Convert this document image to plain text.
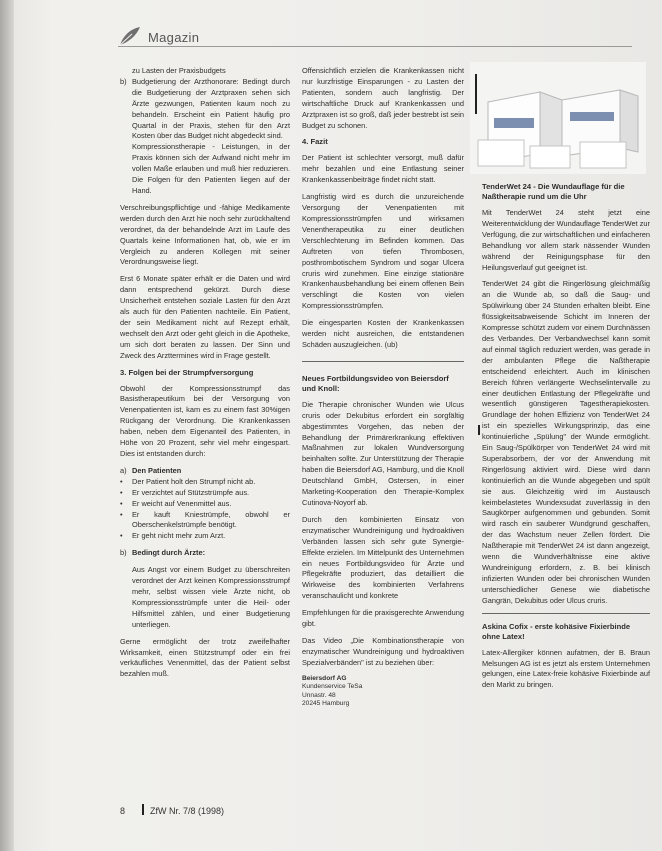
Magazin
zu Lasten der Praxisbudgets
b) Budgetierung der Arzthonorare: Bedingt durch die Budgetierung der Arztpraxen sehen sich Ärzte gezwungen, Patienten kaum noch zu behandeln. Erscheint ein Patient häufig pro Quartal in der Praxis, stehen für den Arzt Kosten über das Budget nicht abgedeckt sind.
Kompressionstherapie - Leistungen, in der Praxis können sich der Aufwand nicht mehr im vollen Maße erlauben und muß hier reduzieren. Die Folgen für den Patienten liegen auf der Hand.

Verschreibungspflichtige und -fähige Medikamente werden durch den Arzt hie noch sehr zurückhaltend verordnet, da der behandelnde Arzt im Laufe des Quartals keine Informationen hat, ob, wie er im Vergleich zu anderen Kollegen mit seiner Verordnungsweise liegt.

Erst 6 Monate später erhält er die Daten und wird dann entsprechend gekürzt. Durch diese Unsicherheit entstehen soziale Lasten für den Arzt als auch für den Patienten nachteile. Ein Patient, der sein Medikament nicht auf Rezept erhält, wechselt den Arzt oder geht gleich in die Apotheke, um sich dort beraten zu lassen. Der Sinn und Zweck des Arzttermines wird in Frage gestellt.

3. Folgen bei der Strumpfversorgung

Obwohl der Kompressionsstrumpf das Basistherapeutikum bei der Versorgung von Venenpatienten ist, kam es zu einem fast 30%igen Rückgang der Verordnung. Die Krankenkassen haben, neben dem Eigenanteil des Patienten, in Höhe von 20 Prozent, sehr viel mehr eingespart. Dies ist entstanden durch:

a) Den Patienten
•	Der Patient holt den Strumpf nicht ab.
•	Er verzichtet auf Stützstrümpfe aus.
•	Er weicht auf Venenmittel aus.
•	Er kauft Kniestrümpfe, obwohl er Oberschenkelstrümpfe benötigt.
•	Er geht nicht mehr zum Arzt.
b) Bedingt durch Ärzte:

Aus Angst vor einem Budget zu überschreiten verordnet der Arzt keinen Kompressionsstrumpf mehr, selbst wissen viele Ärzte nicht, ob Kompressionsstrümpfe unter die Heil- oder Hilfsmittel zählen, und einer Budgetierung unterliegen.

Gerne ermöglicht der trotz zweifelhafter Wirksamkeit, einen Stützstrumpf oder ein frei verkäufliches Venenmittel, das der Patient selbst bezahlen muß.

Offensichtlich erzielen die Krankenkassen nicht nur kurzfristige Einsparungen - zu Lasten der Patienten, sondern auch langfristig. Der wirtschaftliche Druck auf Krankenkassen und Arztpraxen ist so groß, daß jeder bestrebt ist sein Budget zu schonen.

4. Fazit

Der Patient ist schlechter versorgt, muß dafür mehr bezahlen und eine Entlastung seiner Krankenkassenbeiträge findet nicht statt.

Langfristig wird es durch die unzureichende Versorgung der Venenpatienten mit Kompressionsstrümpfen und wirksamen Venentherapeutika zu einer deutlichen Verschlechterung im Befinden kommen. Das Auftreten von tiefen Thrombosen, posthrombotischem Syndrom und sogar Ulcera cruris wird zunehmen. Eine einzige stationäre Krankenhausbehandlung bei einem offenen Bein verschlingt die Kosten von vielen Kompressionsstrümpfen.

Die eingesparten Kosten der Krankenkassen werden nicht ausreichen, die entstandenen Schäden auszugleichen. (ub)

Neues Fortbildungsvideo von Beiersdorf und Knoll:

Die Therapie chronischer Wunden wie Ulcus cruris oder Dekubitus erfordert ein sorgfältig abgestimmtes Vorgehen, das neben der Behandlung der Primärerkrankung effektiven Maßnahmen zur lokalen Wundversorgung beinhalten sollte. Zur Unterstützung der Therapie haben die Beiersdorf AG, Hamburg, und die Knoll Deutschland GmbH, Ostersen, in einer Marketing-Kooperation den Therapie-Komplex Cutinova-Noyorf ab.

Durch den kombinierten Einsatz von enzymatischer Wundreinigung und hydroaktiven Verbänden lassen sich sehr gute Synergie-Effekte erzielen. Im Mittelpunkt des Unternehmen ein neues Fortbildungsvideo für Ärzte und Pflegekräfte produziert, das detailliert die Wirkweise des kombinierten Verfahrens veranschaulicht und konkrete

Empfehlungen für die praxisgerechte Anwendung gibt.

Das Video „Die Kombinationstherapie von enzymatischer Wundreinigung und hydroaktiven Spezialverbänden" ist zu beziehen über:

Beiersdorf AG
Kundenservice TeSa
Unnastr. 48
20245 Hamburg
TenderWet 24 - Die Wundauflage für die Naßtherapie rund um die Uhr

Mit TenderWet 24 steht jetzt eine Weiterentwicklung der Wundauflage TenderWet zur Verfügung, die zur wirtschaftlichen und einfacheren Behandlung vor allem stark nässender Wunden während der Reinigungsphase für den Heilungsverlauf gut geeignet ist.

TenderWet 24 gibt die Ringerlösung gleichmäßig an die Wunde ab, so daß die Saug- und Spülwirkung über 24 Stunden erhalten bleibt. Eine flüssigkeitsabweisende Schicht im Inneren der Kompresse schützt zudem vor einem Durchnässen des Verbandes. Der Verbandwechsel kann somit auf einmal täglich reduziert werden, was gerade in der ambulanten Pflege die Naßtherapie entscheidend erleichtert. Auch im klinischen Bereich führen verlängerte Wechselintervalle zu einer deutlichen Entlastung der Pflegekräfte und wesentlich günstigeren Tagestherapiekosten. Grundlage der hohen Effizienz von TenderWet 24 ist ein spezielles Wirkungsprinzip, das eine kontinuierliche „Spülung" der Wunde ermöglicht. Ein Saug-/Spülkörper von TenderWet 24 wird mit Superabsorbern, der vor der Anwendung mit Ringerlösung aktiviert wird. Diese wird dann kontinuierlich an die Wunde abgegeben und spült sie aus. Gleichzeitig wird im Austausch keimbelastetes Wundexsudat zuverlässig in den Saugkörper aufgenommen und gebunden. Somit wird rasch ein sauberer Wundgrund geschaffen, der das Wachstum neuer Zellen fördert. Die Naßtherapie mit TenderWet 24 ist dann angezeigt, wenn die Wundverhältnisse eine aktive Wundreinigung erfordern, z. B. bei klinisch infizierten Wunden oder bei chronischen Wunden unterschiedlicher Genese wie diabetische Gangrän, Dekubitus oder Ulcus cruris.

Askina Cofix - erste kohäsive Fixierbinde ohne Latex!

Latex-Allergiker können aufatmen, der B. Braun Melsungen AG ist es jetzt als erstem Unternehmen gelungen, eine Latex-freie kohäsive Fixierbinde auf den Markt zu bringen.

8	ZfW Nr. 7/8 (1998)
